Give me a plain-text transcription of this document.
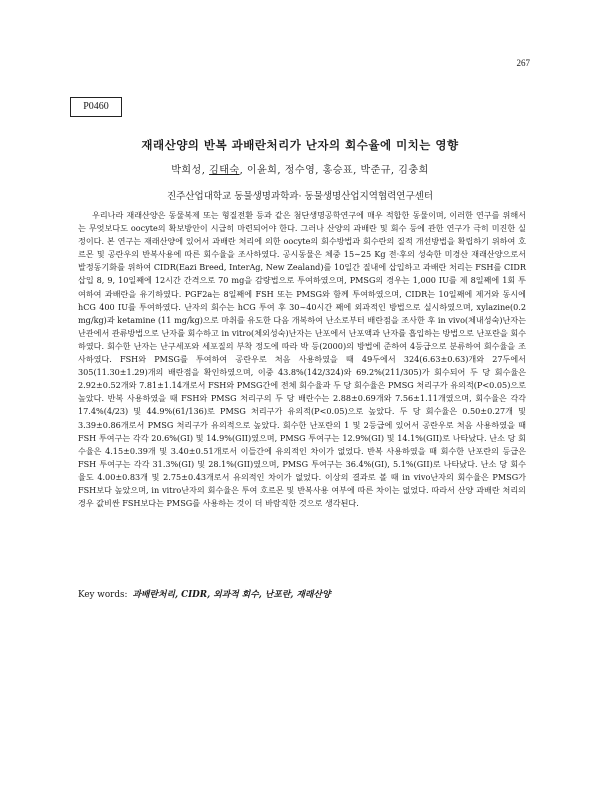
267
P0460
재래산양의 반복 과배란처리가 난자의 회수율에 미치는 영향
박희성, 김태숙, 이윤희, 정수영, 홍승표, 박준규, 김충희
진주산업대학교 동물생명과학과· 동물생명산업지역협력연구센터

우리나라 재래산양은 동물복제 또는 형질전환 등과 같은 첨단생명공학연구에 매우 적합한 동물이며, 이러한 연구를 위해서는 무엇보다도 oocyte의 확보방안이 시급히 마련되어야 한다. 그러나 산양의 과배란 및 회수 등에 관한 연구가 극히 미진한 실정이다. 본 연구는 재래산양에 있어서 과배란 처리에 의한 oocyte의 회수방법과 회수란의 질적 개선방법을 확립하기 위하여 호르몬 및 공란우의 반복사용에 따른 회수율을 조사하였다. 공시동물은 체중 15∼25 Kg 전·후의 성숙한 미경산 재래산양으로서 발정동기화를 위하여 CIDR(Eazi Breed, InterAg, New Zealand)를 10일간 질내에 삽입하고 과배란 처리는 FSH를 CIDR 삽입 8, 9, 10일째에 12시간 간격으로 70 mg을 감량법으로 투여하였으며, PMSG의 경우는 1,000 IU를 제 8일째에 1회 투여하여 과배란을 유기하였다. PGF2a는 8일째에 FSH 또는 PMSG와 함께 투여하였으며, CIDR는 10일째에 제거와 동시에 hCG 400 IU를 투여하였다. 난자의 회수는 hCG 투여 후 30∼40시간 째에 외과적인 방법으로 실시하였으며, xylazine(0.2 mg/kg)과 ketamine (11 mg/kg)으로 마취를 유도한 다음 개복하여 난소로부터 배란점을 조사한 후 in vivo(체내성숙)난자는 난관에서 관류방법으로 난자를 회수하고 in vitro(체외성숙)난자는 난포에서 난포액과 난자를 흡입하는 방법으로 난포란을 회수하였다. 회수한 난자는 난구세포와 세포질의 부착 정도에 따라 박 등(2000)의 방법에 준하여 4등급으로 분류하여 회수율을 조사하였다. FSH와 PMSG를 투여하여 공란우로 처음 사용하였을 때 49두에서 324(6.63±0.63)개와 27두에서 305(11.30±1.29)개의 배란점을 확인하였으며, 이중 43.8%(142/324)와 69.2%(211/305)가 회수되어 두 당 회수율은 2.92±0.52개와 7.81±1.14개로서 FSH와 PMSG간에 전체 회수율과 두 당 회수율은 PMSG 처리구가 유의적(P<0.05)으로 높았다. 반복 사용하였을 때 FSH와 PMSG 처리구의 두 당 배란수는 2.88±0.69개와 7.56±1.11개였으며, 회수율은 각각 17.4%(4/23) 및 44.9%(61/136)로 PMSG 처리구가 유의적(P<0.05)으로 높았다. 두 당 회수율은 0.50±0.27개 및 3.39±0.86개로서 PMSG 처리구가 유의적으로 높았다. 회수한 난포란의 1 및 2등급에 있어서 공란우로 처음 사용하였을 때 FSH 투여구는 각각 20.6%(GI) 및 14.9%(GII)였으며, PMSG 투여구는 12.9%(GI) 및 14.1%(GII)로 나타났다. 난소 당 회수율은 4.15±0.39개 및 3.40±0.51개로서 이들간에 유의적인 차이가 없었다. 반복 사용하였을 때 회수한 난포란의 등급은 FSH 투여구는 각각 31.3%(GI) 및 28.1%(GII)였으며, PMSG 투여구는 36.4%(GI), 5.1%(GII)로 나타났다. 난소 당 회수율도 4.00±0.83개 및 2.75±0.43개로서 유의적인 차이가 없었다. 이상의 결과로 볼 때 in vivo난자의 회수율은 PMSG가 FSH보다 높았으며, in vitro난자의 회수율은 투여 호르몬 및 반복사용 여부에 따른 차이는 없었다. 따라서 산양 과배란 처리의 경우 값비싼 FSH보다는 PMSG를 사용하는 것이 더 바람직한 것으로 생각된다.

Key words: 과배란처리, CIDR, 외과적 회수, 난포란, 재래산양
